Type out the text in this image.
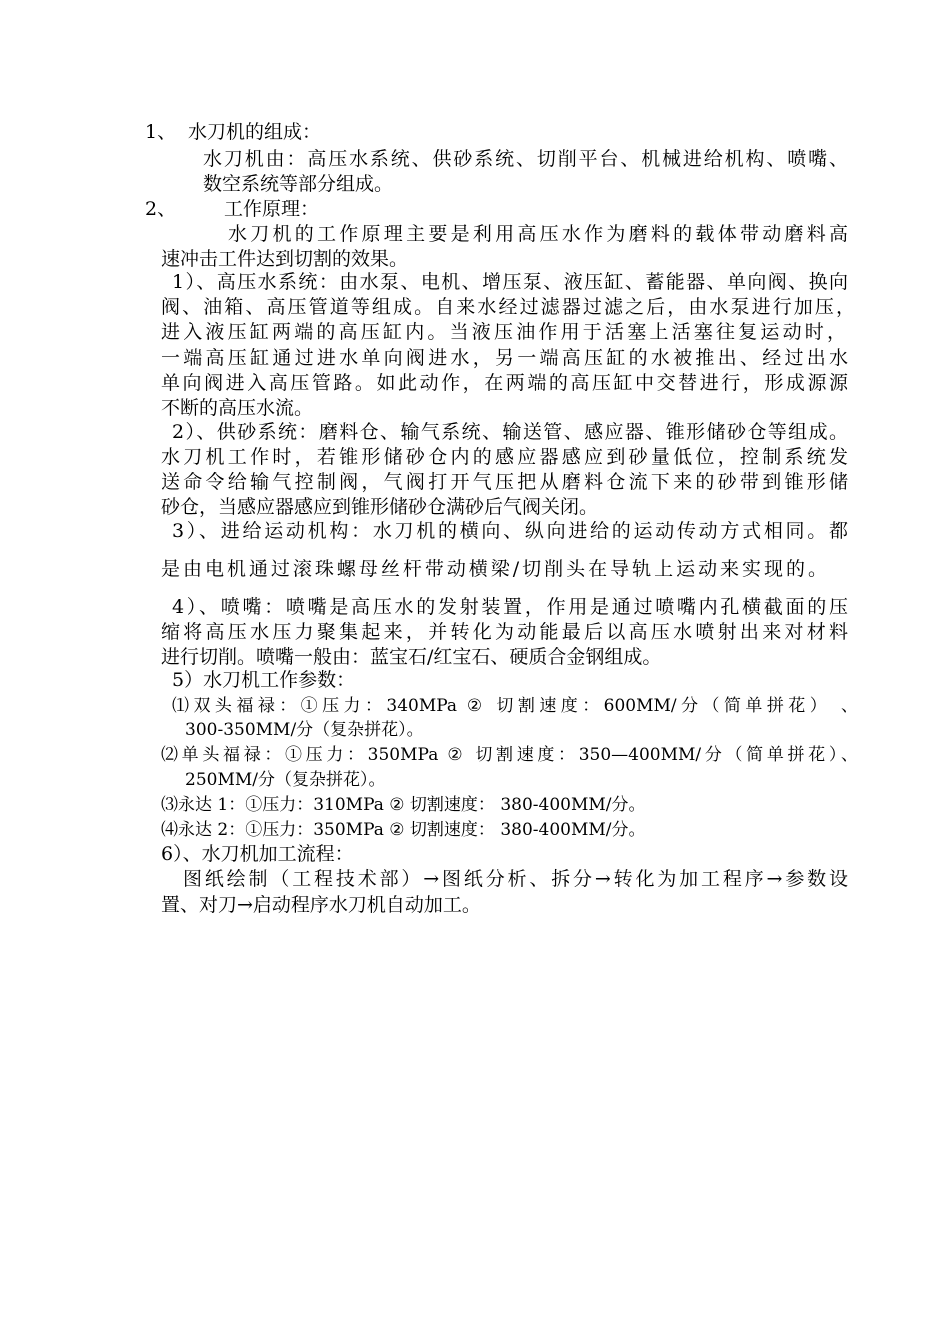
1、 水刀机的组成：
水刀机由：高压水系统、供砂系统、切削平台、机械进给机构、喷嘴、
数空系统等部分组成。
2、	工作原理：
水刀机的工作原理主要是利用高压水作为磨料的载体带动磨料高
速冲击工件达到切割的效果。
1）、高压水系统：由水泵、电机、增压泵、液压缸、蓄能器、单向阀、换向
阀、油箱、高压管道等组成。自来水经过滤器过滤之后，由水泵进行加压，
进入液压缸两端的高压缸内。当液压油作用于活塞上活塞往复运动时，
一端高压缸通过进水单向阀进水，另一端高压缸的水被推出、经过出水
单向阀进入高压管路。如此动作，在两端的高压缸中交替进行，形成源源
不断的高压水流。
2）、供砂系统：磨料仓、输气系统、输送管、感应器、锥形储砂仓等组成。
水刀机工作时，若锥形储砂仓内的感应器感应到砂量低位，控制系统发
送命令给输气控制阀，气阀打开气压把从磨料仓流下来的砂带到锥形储
砂仓，当感应器感应到锥形储砂仓满砂后气阀关闭。
3）、进给运动机构：水刀机的横向、纵向进给的运动传动方式相同。都
是由电机通过滚珠螺母丝杆带动横梁/切削头在导轨上运动来实现的。
4）、喷嘴：喷嘴是高压水的发射装置，作用是通过喷嘴内孔横截面的压
缩将高压水压力聚集起来，并转化为动能最后以高压水喷射出来对材料
进行切削。喷嘴一般由：蓝宝石/红宝石、硬质合金钢组成。
5）水刀机工作参数：
⑴双头福禄：①压力：340MPa ② 切割速度：600MM/分（简单拼花） 、
300-350MM/分（复杂拼花）。
⑵单头福禄：①压力：350MPa ② 切割速度：350—400MM/分（简单拼花）、
250MM/分（复杂拼花）。
⑶永达 1：①压力：310MPa ② 切割速度： 380-400MM/分。
⑷永达 2：①压力：350MPa ② 切割速度： 380-400MM/分。
6）、水刀机加工流程：
图纸绘制（工程技术部）→图纸分析、拆分→转化为加工程序→参数设
置、对刀→启动程序水刀机自动加工。
